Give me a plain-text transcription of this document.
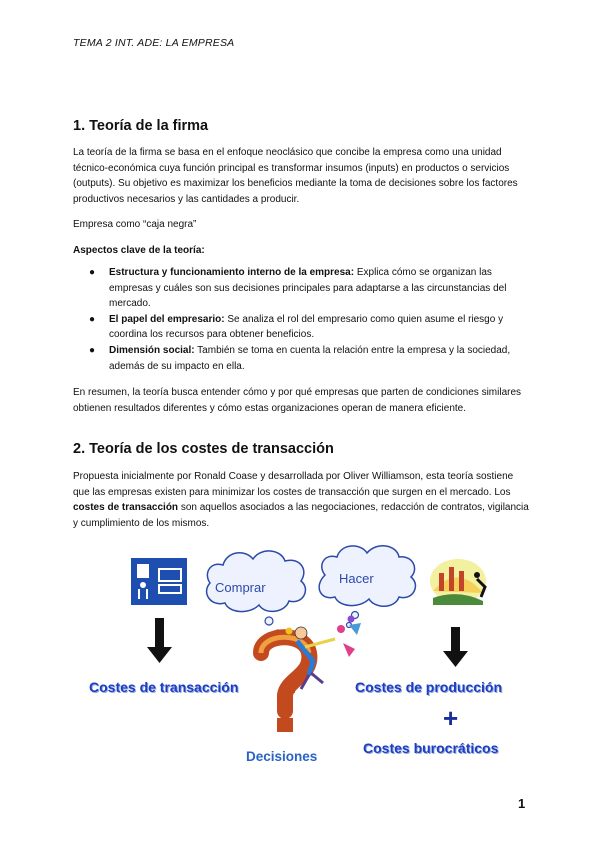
TEMA 2 INT. ADE: LA EMPRESA
1. Teoría de la firma

La teoría de la firma se basa en el enfoque neoclásico que concibe la empresa como una unidad técnico-económica cuya función principal es transformar insumos (inputs) en productos o servicios (outputs). Su objetivo es maximizar los beneficios mediante la toma de decisiones sobre los factores productivos necesarios y las cantidades a producir.

Empresa como “caja negra”

Aspectos clave de la teoría:

● Estructura y funcionamiento interno de la empresa: Explica cómo se organizan las empresas y cuáles son sus decisiones principales para adaptarse a las circunstancias del mercado.
● El papel del empresario: Se analiza el rol del empresario como quien asume el riesgo y coordina los recursos para obtener beneficios.
● Dimensión social: También se toma en cuenta la relación entre la empresa y la sociedad, además de su impacto en ella.

En resumen, la teoría busca entender cómo y por qué empresas que parten de condiciones similares obtienen resultados diferentes y cómo estas organizaciones operan de manera eficiente.

2. Teoría de los costes de transacción

Propuesta inicialmente por Ronald Coase y desarrollada por Oliver Williamson, esta teoría sostiene que las empresas existen para minimizar los costes de transacción que surgen en el mercado. Los costes de transacción son aquellos asociados a las negociaciones, redacción de contratos, vigilancia y cumplimiento de los mismos.

Comprar
Hacer
Costes de transacción	Costes de producción
+
Costes burocráticos
Decisiones
1
